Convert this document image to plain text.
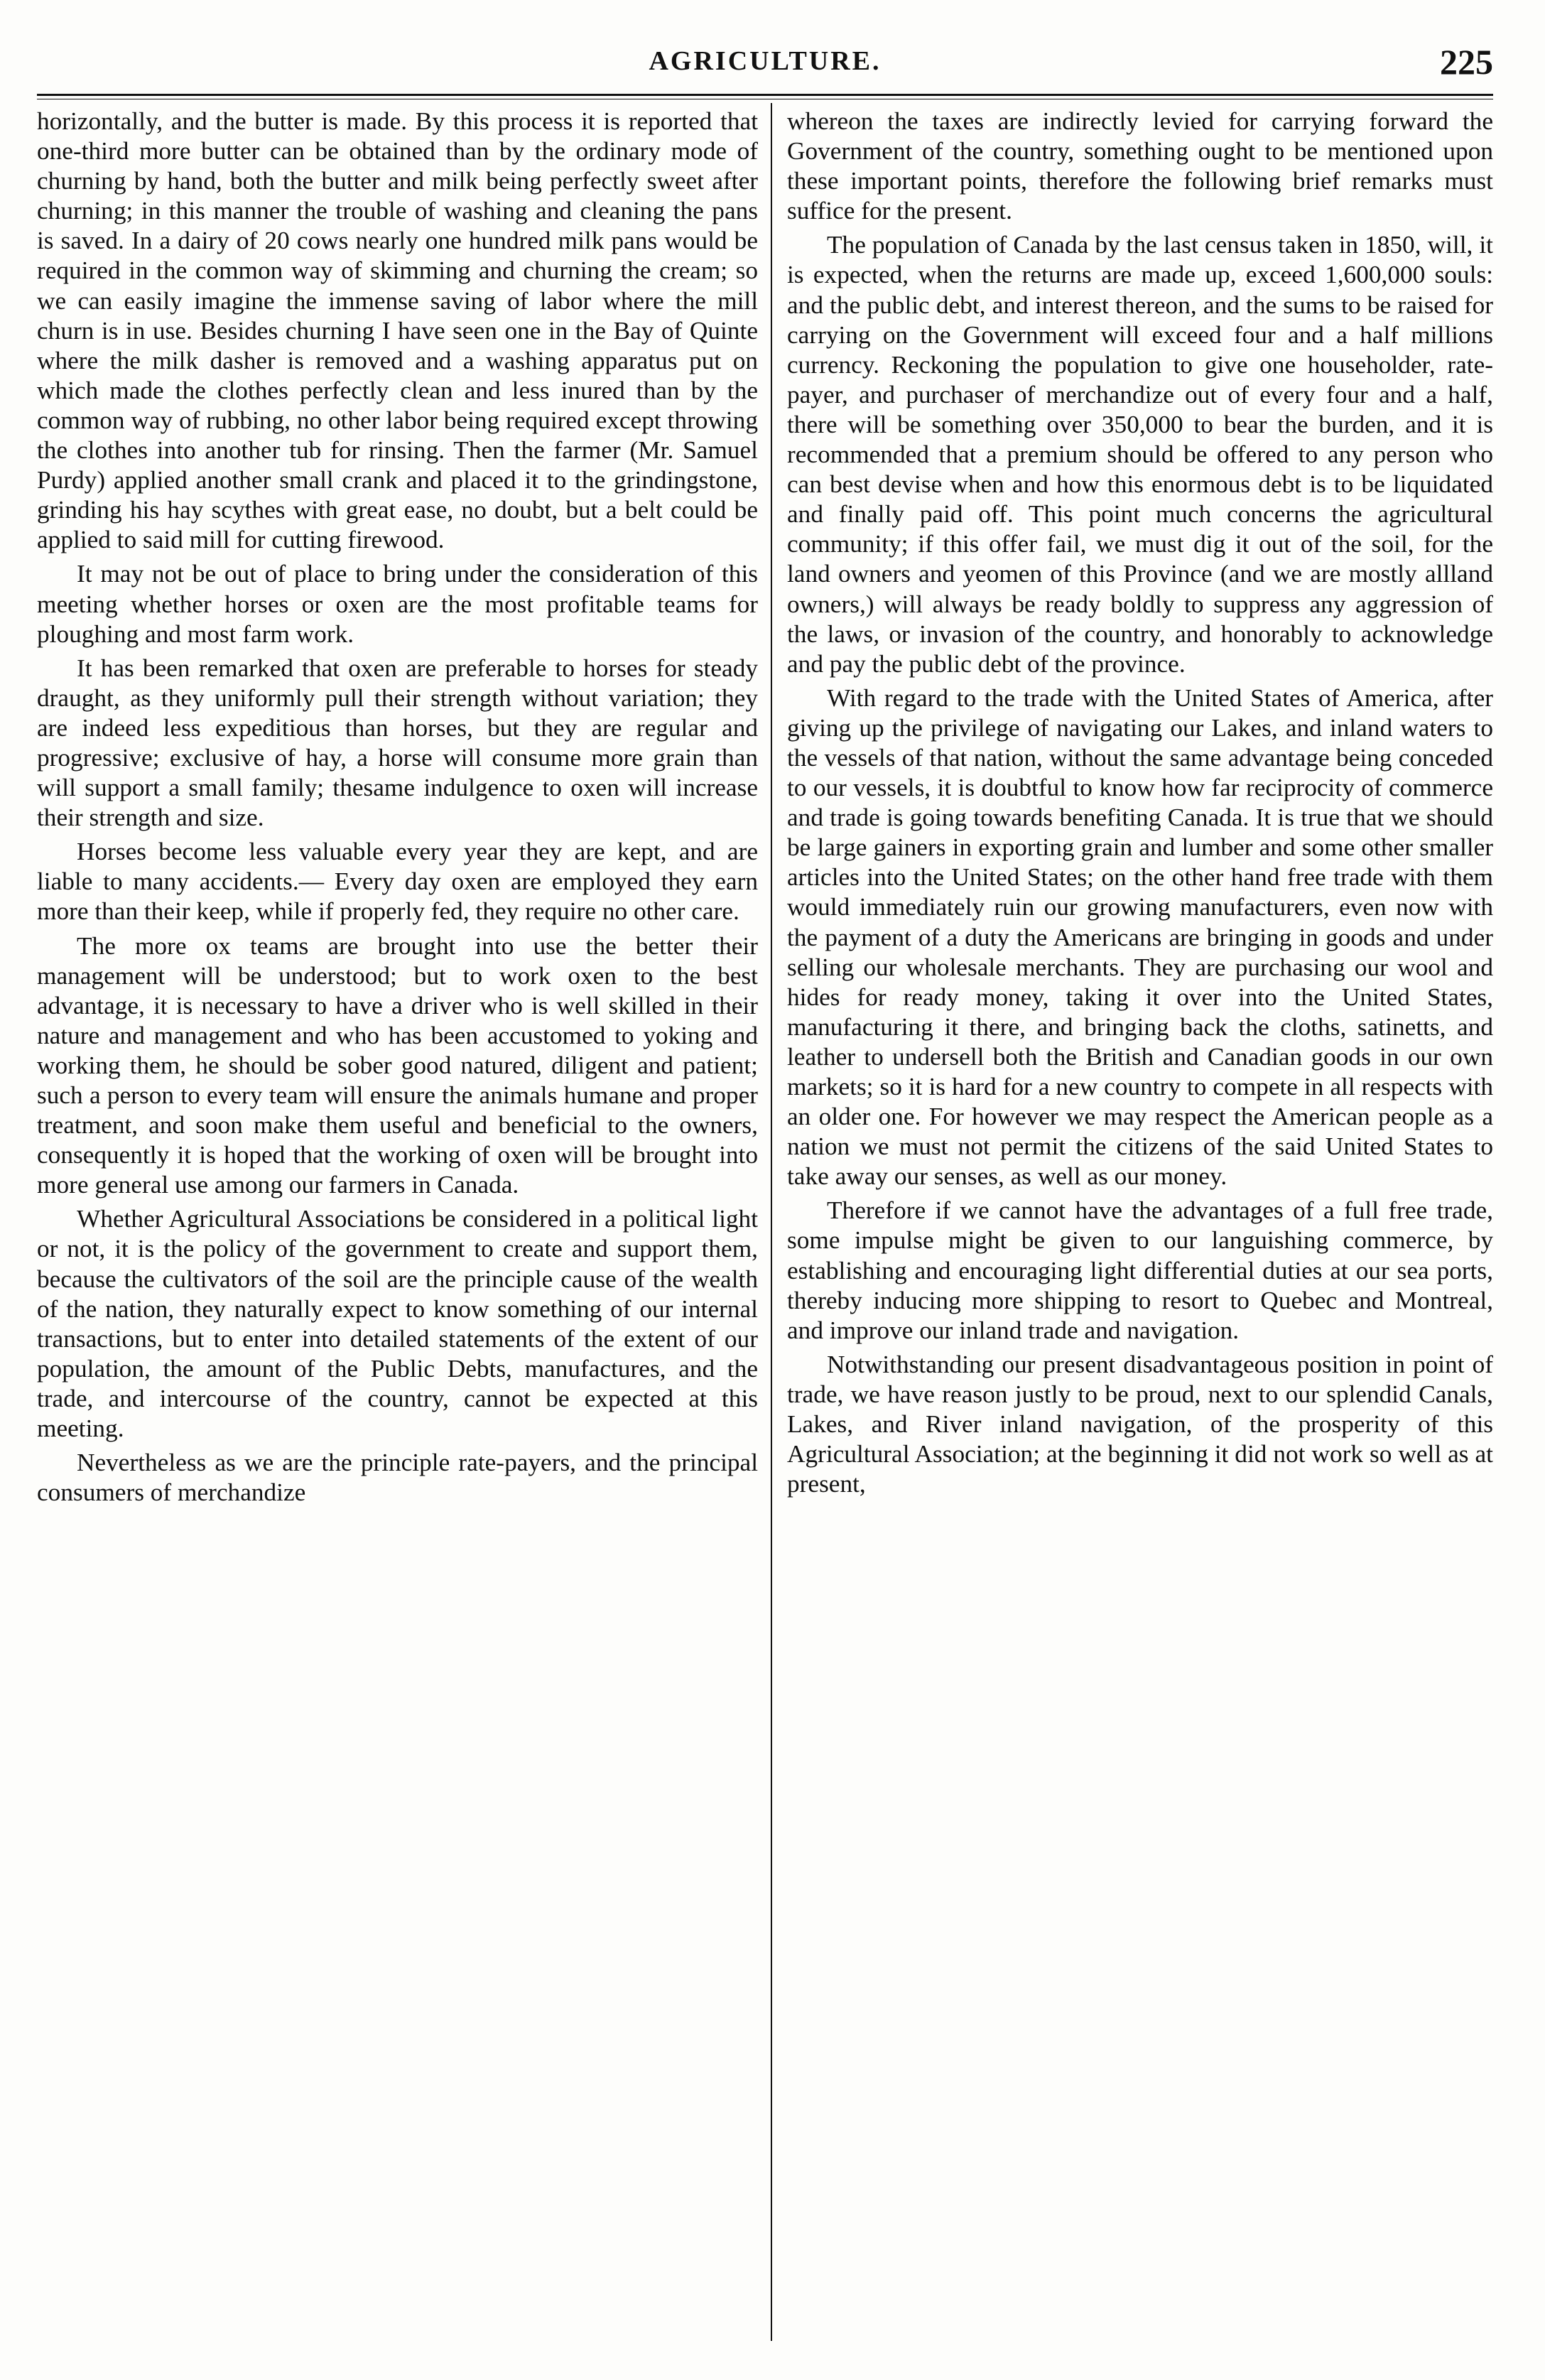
AGRICULTURE.	225

horizontally, and the butter is made. By this process it is reported that one-third more butter can be obtained than by the ordinary mode of churning by hand, both the butter and milk being perfectly sweet after churning; in this manner the trouble of washing and cleaning the pans is saved. In a dairy of 20 cows nearly one hundred milk pans would be required in the common way of skimming and churning the cream; so we can easily imagine the immense saving of labor where the mill churn is in use. Besides churning I have seen one in the Bay of Quinte where the milk dasher is removed and a washing apparatus put on which made the clothes perfectly clean and less inured than by the common way of rubbing, no other labor being required except throwing the clothes into another tub for rinsing. Then the farmer (Mr. Samuel Purdy) applied another small crank and placed it to the grindingstone, grinding his hay scythes with great ease, no doubt, but a belt could be applied to said mill for cutting firewood.

It may not be out of place to bring under the consideration of this meeting whether horses or oxen are the most profitable teams for ploughing and most farm work.

It has been remarked that oxen are preferable to horses for steady draught, as they uniformly pull their strength without variation; they are indeed less expeditious than horses, but they are regular and progressive; exclusive of hay, a horse will consume more grain than will support a small family; thesame indulgence to oxen will increase their strength and size.

Horses become less valuable every year they are kept, and are liable to many accidents.— Every day oxen are employed they earn more than their keep, while if properly fed, they require no other care.

The more ox teams are brought into use the better their management will be understood; but to work oxen to the best advantage, it is necessary to have a driver who is well skilled in their nature and management and who has been accustomed to yoking and working them, he should be sober good natured, diligent and patient; such a person to every team will ensure the animals humane and proper treatment, and soon make them useful and beneficial to the owners, consequently it is hoped that the working of oxen will be brought into more general use among our farmers in Canada.

Whether Agricultural Associations be considered in a political light or not, it is the policy of the government to create and support them, because the cultivators of the soil are the principle cause of the wealth of the nation, they naturally expect to know something of our internal transactions, but to enter into detailed statements of the extent of our population, the amount of the Public Debts, manufactures, and the trade, and intercourse of the country, cannot be expected at this meeting.

Nevertheless as we are the principle rate-payers, and the principal consumers of merchandize

whereon the taxes are indirectly levied for carrying forward the Government of the country, something ought to be mentioned upon these important points, therefore the following brief remarks must suffice for the present.

The population of Canada by the last census taken in 1850, will, it is expected, when the returns are made up, exceed 1,600,000 souls: and the public debt, and interest thereon, and the sums to be raised for carrying on the Government will exceed four and a half millions currency. Reckoning the population to give one householder, rate-payer, and purchaser of merchandize out of every four and a half, there will be something over 350,000 to bear the burden, and it is recommended that a premium should be offered to any person who can best devise when and how this enormous debt is to be liquidated and finally paid off. This point much concerns the agricultural community; if this offer fail, we must dig it out of the soil, for the land owners and yeomen of this Province (and we are mostly allland owners,) will always be ready boldly to suppress any aggression of the laws, or invasion of the country, and honorably to acknowledge and pay the public debt of the province.

With regard to the trade with the United States of America, after giving up the privilege of navigating our Lakes, and inland waters to the vessels of that nation, without the same advantage being conceded to our vessels, it is doubtful to know how far reciprocity of commerce and trade is going towards benefiting Canada. It is true that we should be large gainers in exporting grain and lumber and some other smaller articles into the United States; on the other hand free trade with them would immediately ruin our growing manufacturers, even now with the payment of a duty the Americans are bringing in goods and under selling our wholesale merchants. They are purchasing our wool and hides for ready money, taking it over into the United States, manufacturing it there, and bringing back the cloths, satinetts, and leather to undersell both the British and Canadian goods in our own markets; so it is hard for a new country to compete in all respects with an older one. For however we may respect the American people as a nation we must not permit the citizens of the said United States to take away our senses, as well as our money.

Therefore if we cannot have the advantages of a full free trade, some impulse might be given to our languishing commerce, by establishing and encouraging light differential duties at our sea ports, thereby inducing more shipping to resort to Quebec and Montreal, and improve our inland trade and navigation.

Notwithstanding our present disadvantageous position in point of trade, we have reason justly to be proud, next to our splendid Canals, Lakes, and River inland navigation, of the prosperity of this Agricultural Association; at the beginning it did not work so well as at present,
